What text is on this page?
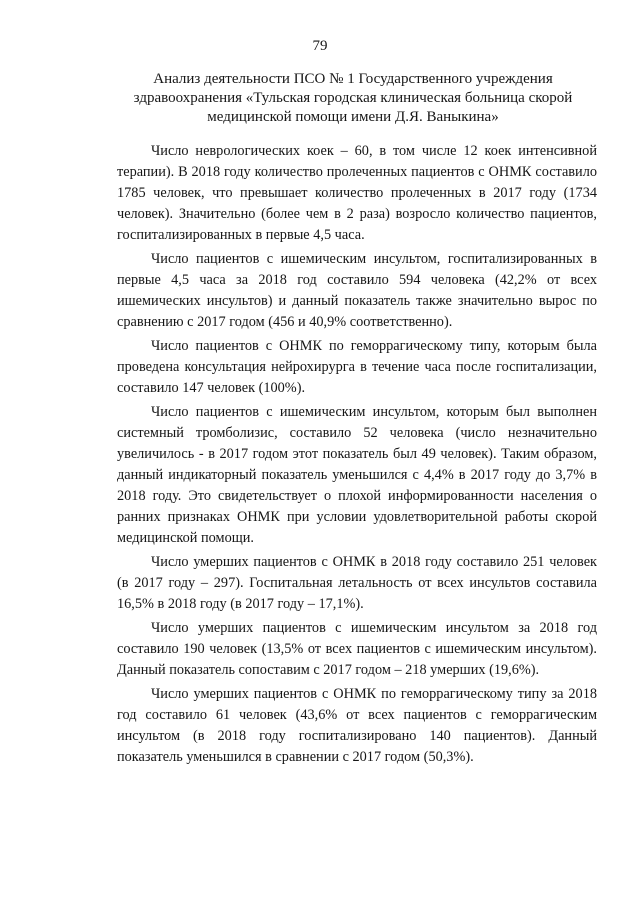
79
Анализ деятельности ПСО № 1 Государственного учреждения
здравоохранения «Тульская городская клиническая больница скорой
медицинской помощи имени Д.Я. Ваныкина»

Число неврологических коек – 60, в том числе 12 коек интенсивной терапии). В 2018 году количество пролеченных пациентов с ОНМК составило 1785 человек, что превышает количество пролеченных в 2017 году (1734 человек). Значительно (более чем в 2 раза) возросло количество пациентов, госпитализированных в первые 4,5 часа.

Число пациентов с ишемическим инсультом, госпитализированных в первые 4,5 часа за 2018 год составило 594 человека (42,2% от всех ишемических инсультов) и данный показатель также значительно вырос по сравнению с 2017 годом (456 и 40,9% соответственно).

Число пациентов с ОНМК по геморрагическому типу, которым была проведена консультация нейрохирурга в течение часа после госпитализации, составило 147 человек (100%).

Число пациентов с ишемическим инсультом, которым был выполнен системный тромболизис, составило 52 человека (число незначительно увеличилось - в 2017 годом этот показатель был 49 человек). Таким образом, данный индикаторный показатель уменьшился с 4,4% в 2017 году до 3,7% в 2018 году. Это свидетельствует о плохой информированности населения о ранних признаках ОНМК при условии удовлетворительной работы скорой медицинской помощи.

Число умерших пациентов с ОНМК в 2018 году составило 251 человек (в 2017 году – 297). Госпитальная летальность от всех инсультов составила 16,5% в 2018 году (в 2017 году – 17,1%).

Число умерших пациентов с ишемическим инсультом за 2018 год составило 190 человек (13,5% от всех пациентов с ишемическим инсультом). Данный показатель сопоставим с 2017 годом – 218 умерших (19,6%).

Число умерших пациентов с ОНМК по геморрагическому типу за 2018 год составило 61 человек (43,6% от всех пациентов с геморрагическим инсультом (в 2018 году госпитализировано 140 пациентов). Данный показатель уменьшился в сравнении с 2017 годом (50,3%).
